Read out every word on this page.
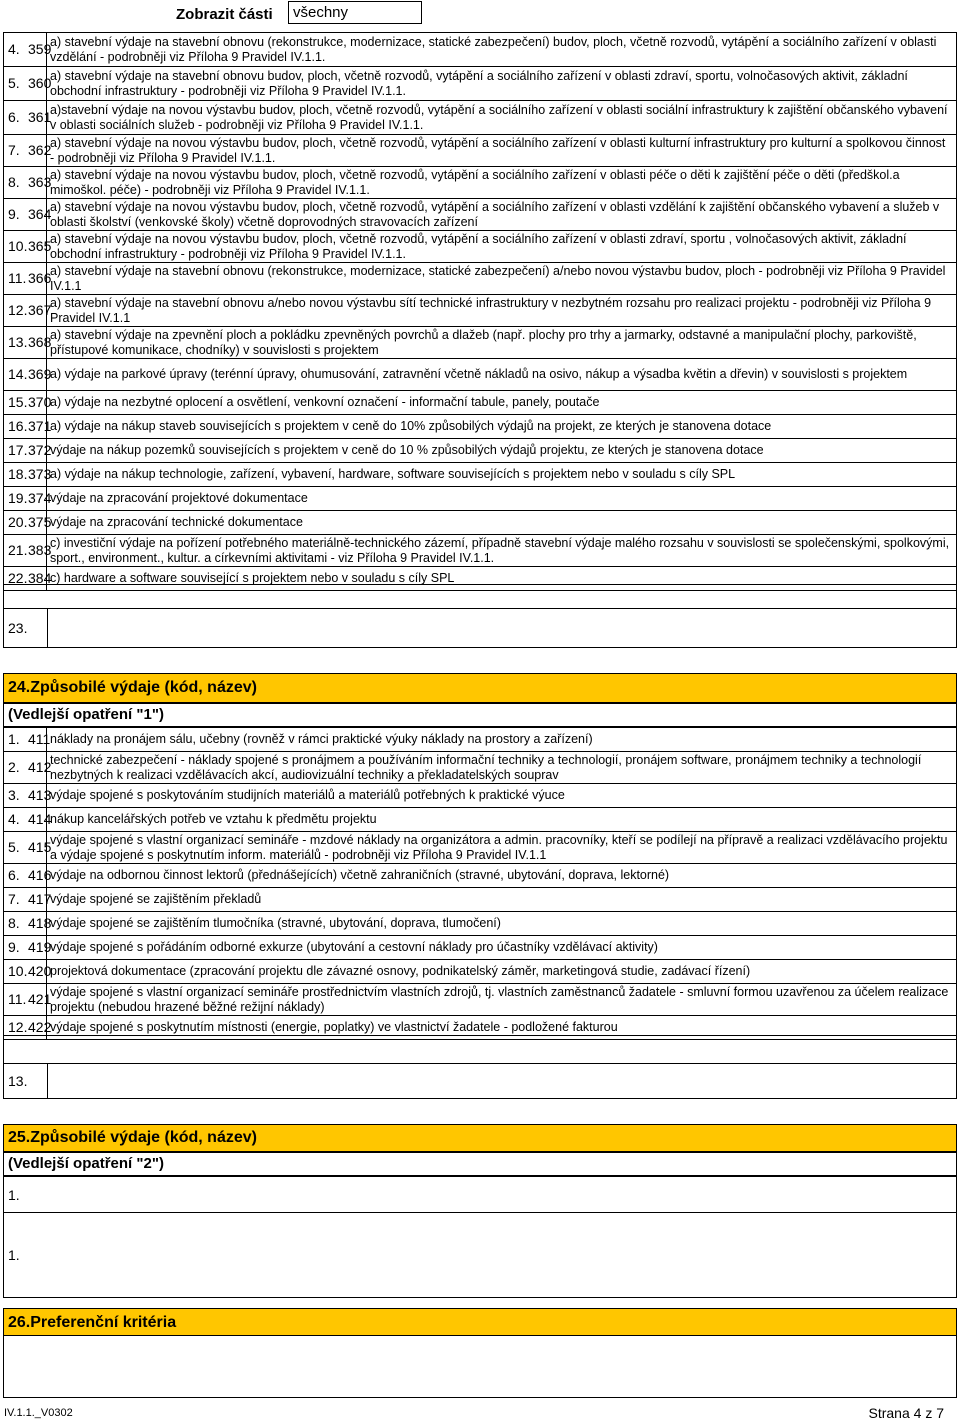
Zobrazit části	všechny
4. 359	a) stavební výdaje na stavební obnovu (rekonstrukce, modernizace, statické zabezpečení) budov, ploch, včetně rozvodů, vytápění a sociálního zařízení v oblasti vzdělání - podrobněji viz Příloha 9 Pravidel IV.1.1.
5. 360	a) stavební výdaje na stavební obnovu budov, ploch, včetně rozvodů, vytápění a sociálního zařízení v oblasti zdraví, sportu, volnočasových aktivit, základní obchodní infrastruktury - podrobněji viz Příloha 9 Pravidel IV.1.1.
6. 361	a)stavební výdaje na novou výstavbu budov, ploch, včetně rozvodů, vytápění a sociálního zařízení v oblasti sociální infrastruktury k zajištění občanského vybavení v oblasti sociálních služeb - podrobněji viz Příloha 9 Pravidel IV.1.1.
7. 362	a) stavební výdaje na novou výstavbu budov, ploch, včetně rozvodů, vytápění a sociálního zařízení v oblasti kulturní infrastruktury pro kulturní a spolkovou činnost - podrobněji viz Příloha 9 Pravidel IV.1.1.
8. 363	a) stavební výdaje na novou výstavbu budov, ploch, včetně rozvodů, vytápění a sociálního zařízení v oblasti péče o děti k zajištění péče o děti (předškol.a mimoškol. péče) - podrobněji viz Příloha 9 Pravidel IV.1.1.
9. 364	a) stavební výdaje na novou výstavbu budov, ploch, včetně rozvodů, vytápění a sociálního zařízení v oblasti vzdělání k zajištění občanského vybavení a služeb v oblasti školství (venkovské školy) včetně doprovodných stravovacích zařízení
10.365	a) stavební výdaje na novou výstavbu budov, ploch, včetně rozvodů, vytápění a sociálního zařízení v oblasti zdraví, sportu , volnočasových aktivit, základní obchodní infrastruktury - podrobněji viz Příloha 9 Pravidel IV.1.1.
11. 366	a) stavební výdaje na stavební obnovu (rekonstrukce, modernizace, statické zabezpečení) a/nebo novou výstavbu budov, ploch - podrobněji viz Příloha 9 Pravidel IV.1.1
12.367	a) stavební výdaje na stavební obnovu a/nebo novou výstavbu sítí technické infrastruktury v nezbytném rozsahu pro realizaci projektu - podrobněji viz Příloha 9 Pravidel IV.1.1
13.368	a) stavební výdaje na zpevnění ploch a pokládku zpevněných povrchů a dlažeb (např. plochy pro trhy a jarmarky, odstavné a manipulační plochy, parkoviště, přístupové komunikace, chodníky) v souvislosti s projektem
14.369	a) výdaje na parkové úpravy (terénní úpravy, ohumusování, zatravnění včetně nákladů na osivo, nákup a výsadba květin a dřevin) v souvislosti s projektem
15.370	a) výdaje na nezbytné oplocení a osvětlení, venkovní označení - informační tabule, panely, poutače
16.371	a) výdaje na nákup staveb souvisejících s projektem v ceně do 10% způsobilých výdajů na projekt, ze kterých je stanovena dotace
17.372	výdaje na nákup pozemků souvisejících s projektem v ceně do 10 % způsobilých výdajů projektu, ze kterých je stanovena dotace
18.373	a) výdaje na nákup technologie, zařízení, vybavení, hardware, software souvisejících s projektem nebo v souladu s cíly SPL
19.374	výdaje na zpracování projektové dokumentace
20.375	výdaje na zpracování technické dokumentace
21.383	c) investiční výdaje na pořízení potřebného materiálně-technického zázemí, případně stavební výdaje malého rozsahu v souvislosti se společenskými, spolkovými, sport., environment., kultur. a církevními aktivitami - viz Příloha 9 Pravidel IV.1.1.
22.384	c) hardware a software související s projektem nebo v souladu s cíly SPL
23.
24.Způsobilé výdaje (kód, název)
(Vedlejší opatření "1")
1. 411	náklady na pronájem sálu, učebny (rovněž v rámci praktické výuky náklady na prostory a zařízení)
2. 412	technické zabezpečení - náklady spojené s pronájmem a používáním informační techniky a technologií, pronájem software, pronájmem techniky a technologií nezbytných k realizaci vzdělávacích akcí, audiovizuální techniky a překladatelských souprav
3. 413	výdaje spojené s poskytováním studijních materiálů a materiálů potřebných k praktické výuce
4. 414	nákup kancelářských potřeb ve vztahu k předmětu projektu
5. 415	výdaje spojené s vlastní organizací semináře - mzdové náklady na organizátora a admin. pracovníky, kteří se podílejí na přípravě a realizaci vzdělávacího projektu a výdaje spojené s poskytnutím inform. materiálů - podrobněji viz Příloha 9 Pravidel IV.1.1
6. 416	výdaje na odbornou činnost lektorů (přednášejících) včetně zahraničních (stravné, ubytování, doprava, lektorné)
7. 417	výdaje spojené se zajištěním překladů
8. 418	výdaje spojené se zajištěním tlumočníka (stravné, ubytování, doprava, tlumočení)
9. 419	výdaje spojené s pořádáním odborné exkurze (ubytování a cestovní náklady pro účastníky vzdělávací aktivity)
10.420	projektová dokumentace (zpracování projektu dle závazné osnovy, podnikatelský záměr, marketingová studie, zadávací řízení)
11. 421	výdaje spojené s vlastní organizací semináře prostřednictvím vlastních zdrojů, tj. vlastních zaměstnanců žadatele - smluvní formou uzavřenou za účelem realizace projektu (nebudou hrazené běžné režijní náklady)
12.422	výdaje spojené s poskytnutím místnosti (energie, poplatky) ve vlastnictví žadatele - podložené fakturou
13.
25.Způsobilé výdaje (kód, název)
(Vedlejší opatření "2")
1.
1.
26.Preferenční kritéria
IV.1.1._V0302	Strana 4 z 7
